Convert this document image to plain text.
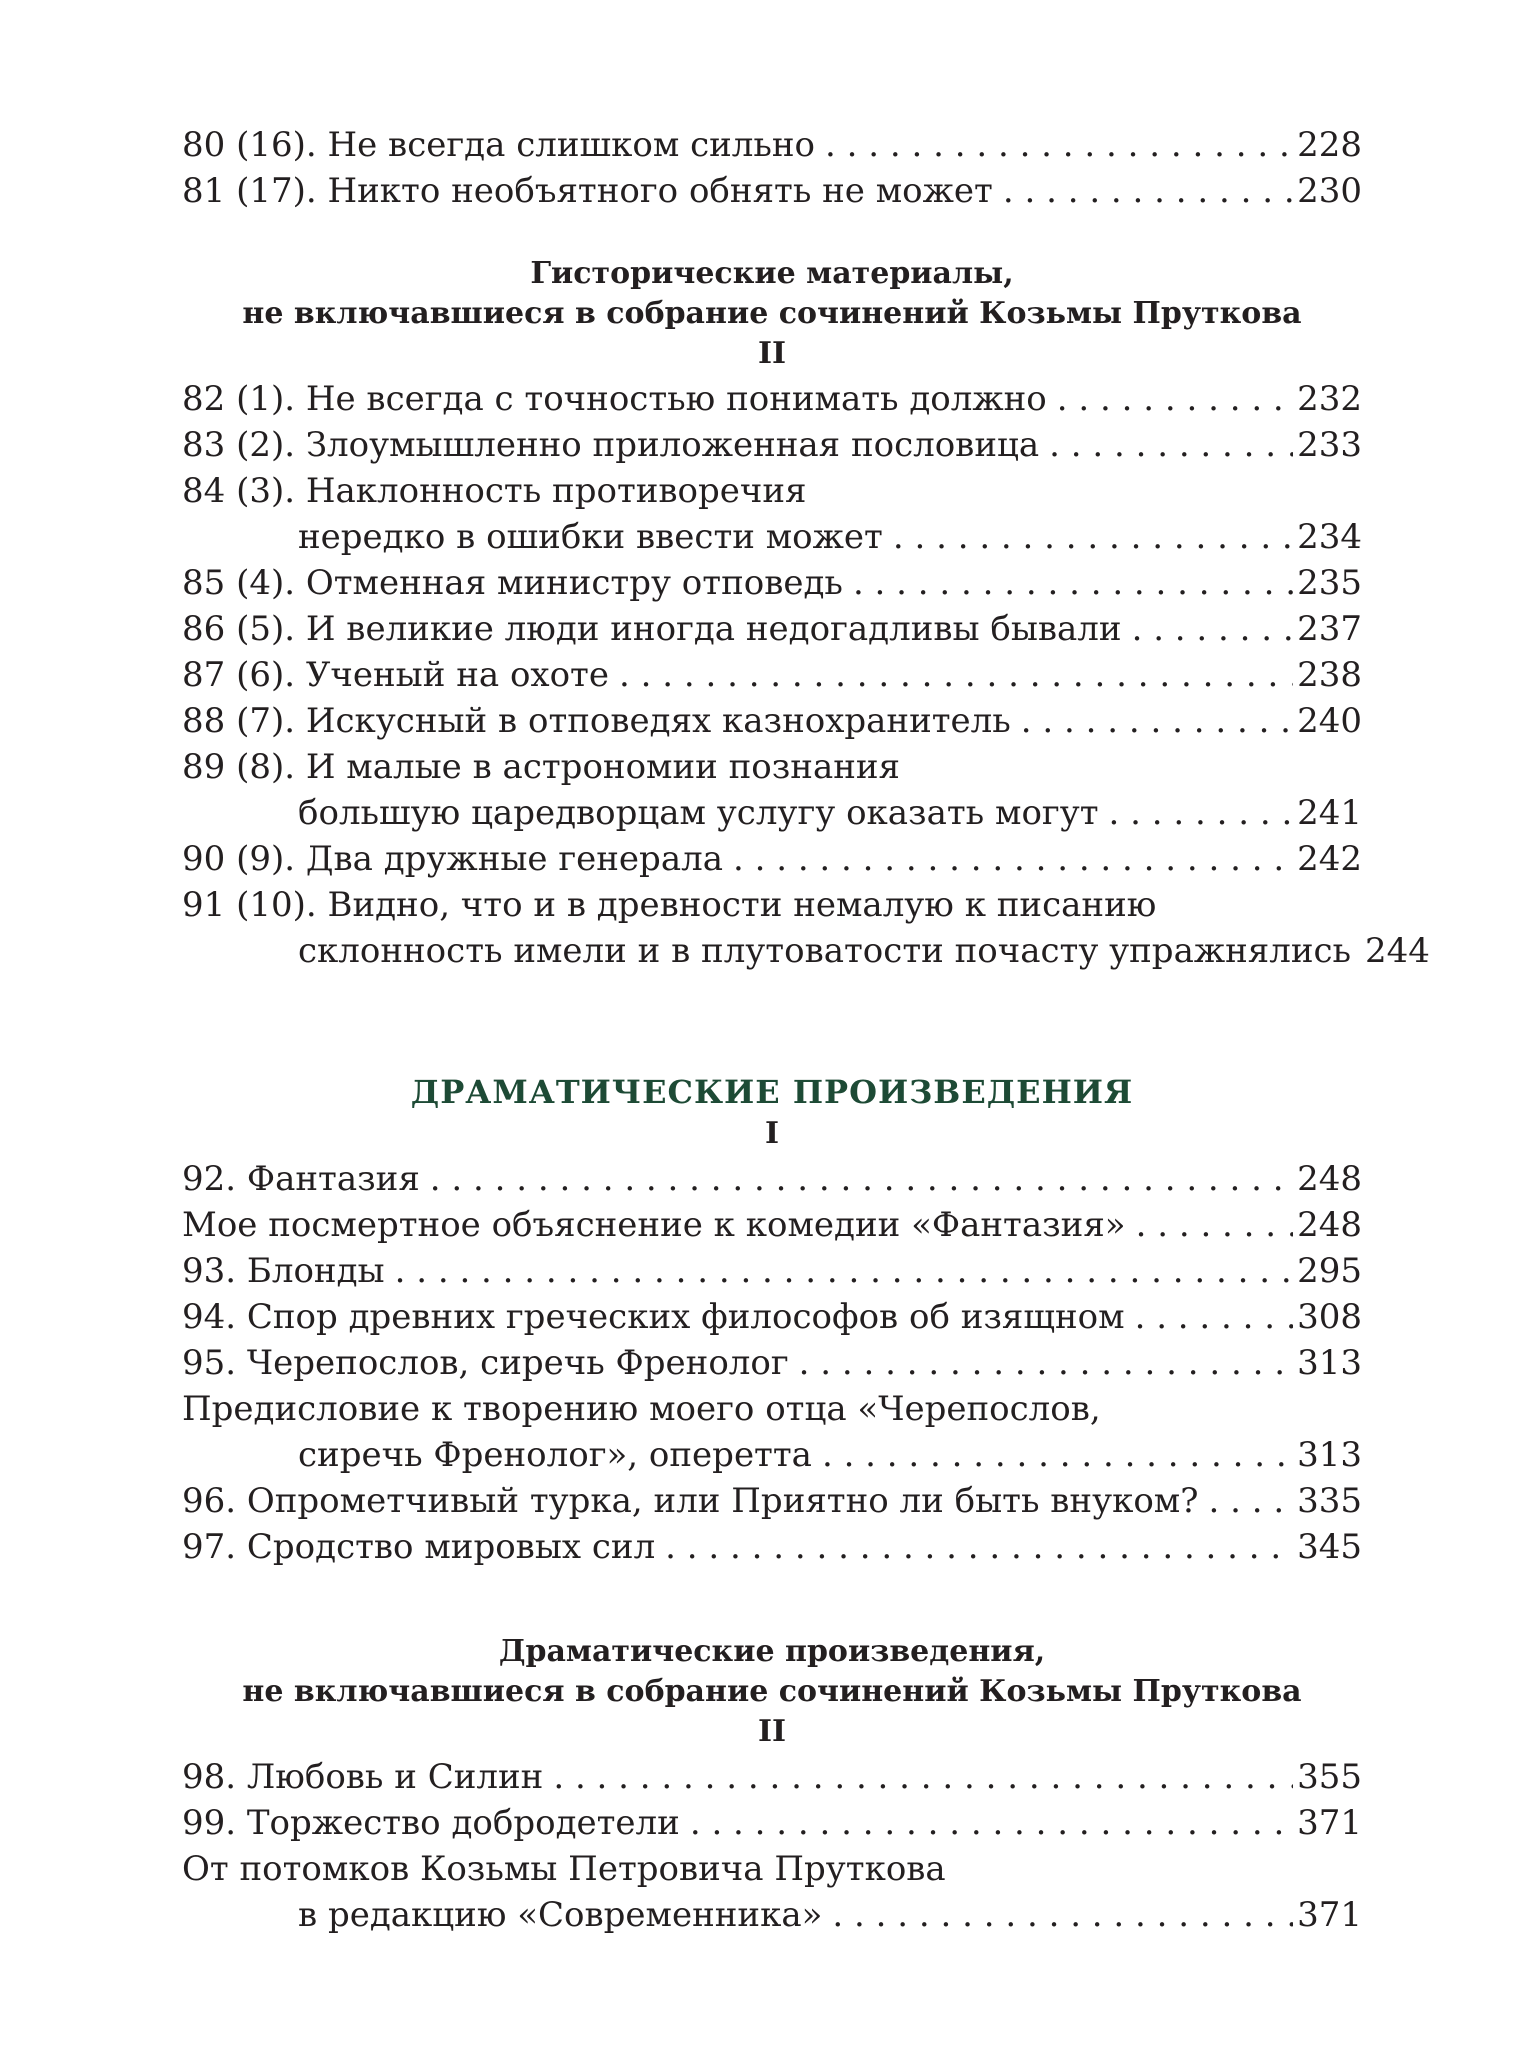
80 (16). Не всегда слишком сильно . . .	228
81 (17). Никто необъятного обнять не может . . .	230
Гисторические материалы,
не включавшиеся в собрание сочинений Козьмы Пруткова
II
82 (1). Не всегда с точностью понимать должно . . .	232
83 (2). Злоумышленно приложенная пословица . . .	233
84 (3). Наклонность противоречия
нередко в ошибки ввести может . . .	234
85 (4). Отменная министру отповедь . . .	235
86 (5). И великие люди иногда недогадливы бывали . . .	237
87 (6). Ученый на охоте . . .	238
88 (7). Искусный в отповедях казнохранитель . . .	240
89 (8). И малые в астрономии познания
большую царедворцам услугу оказать могут . . .	241
90 (9). Два дружные генерала . . .	242
91 (10). Видно, что и в древности немалую к писанию
склонность имели и в плутоватости почасту упражнялись 244
ДРАМАТИЧЕСКИЕ ПРОИЗВЕДЕНИЯ
I
92. Фантазия . . .	248
Мое посмертное объяснение к комедии «Фантазия» . . .	248
93. Блонды . . .	295
94. Спор древних греческих философов об изящном . . .	308
95. Черепослов, сиречь Френолог . . .	313
Предисловие к творению моего отца «Черепослов,
сиречь Френолог», оперетта . . .	313
96. Опрометчивый турка, или Приятно ли быть внуком? . . .	335
97. Сродство мировых сил . . .	345
Драматические произведения,
не включавшиеся в собрание сочинений Козьмы Пруткова
II
98. Любовь и Силин . . .	355
99. Торжество добродетели . . .	371
От потомков Козьмы Петровича Пруткова
в редакцию «Современника» . . .	371
